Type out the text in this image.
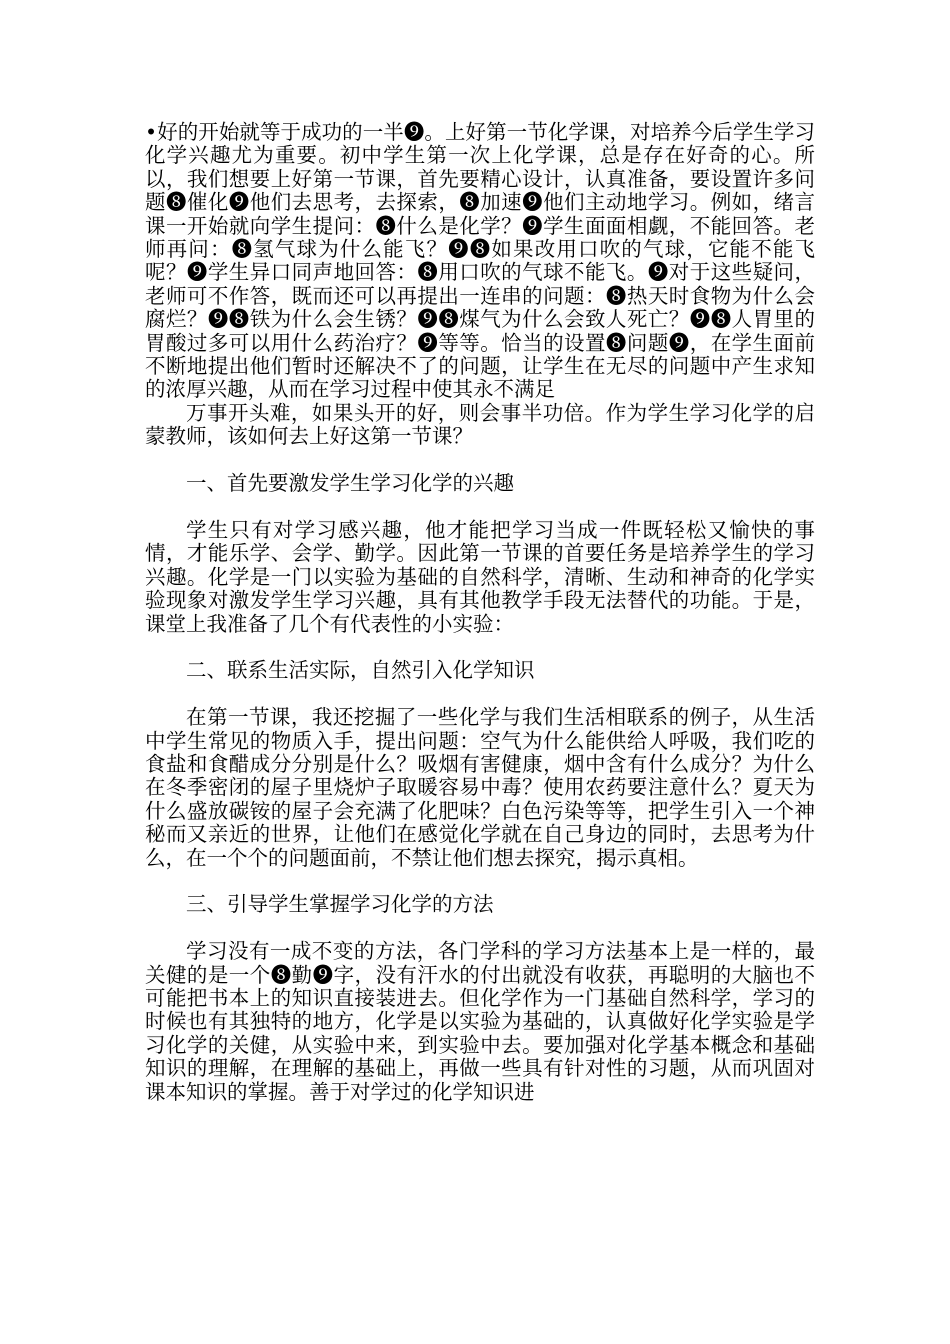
•好的开始就等于成功的一半❾。上好第一节化学课，对培养今后学生学习化学兴趣尤为重要。初中学生第一次上化学课，总是存在好奇的心。所以，我们想要上好第一节课，首先要精心设计，认真准备，要设置许多问题❽催化❾他们去思考，去探索，❽加速❾他们主动地学习。例如，绪言课一开始就向学生提问：❽什么是化学？❾学生面面相觑，不能回答。老师再问：❽氢气球为什么能飞？❾❽如果改用口吹的气球，它能不能飞呢？❾学生异口同声地回答：❽用口吹的气球不能飞。❾对于这些疑问，老师可不作答，既而还可以再提出一连串的问题：❽热天时食物为什么会腐烂？❾❽铁为什么会生锈？❾❽煤气为什么会致人死亡？❾❽人胃里的胃酸过多可以用什么药治疗？❾等等。恰当的设置❽问题❾，在学生面前不断地提出他们暂时还解决不了的问题，让学生在无尽的问题中产生求知的浓厚兴趣，从而在学习过程中使其永不满足

万事开头难，如果头开的好，则会事半功倍。作为学生学习化学的启蒙教师，该如何去上好这第一节课？

一、首先要激发学生学习化学的兴趣

学生只有对学习感兴趣，他才能把学习当成一件既轻松又愉快的事情，才能乐学、会学、勤学。因此第一节课的首要任务是培养学生的学习兴趣。化学是一门以实验为基础的自然科学，清晰、生动和神奇的化学实验现象对激发学生学习兴趣，具有其他教学手段无法替代的功能。于是，课堂上我准备了几个有代表性的小实验：

二、联系生活实际，自然引入化学知识

在第一节课，我还挖掘了一些化学与我们生活相联系的例子，从生活中学生常见的物质入手，提出问题：空气为什么能供给人呼吸，我们吃的食盐和食醋成分分别是什么？吸烟有害健康，烟中含有什么成分？为什么在冬季密闭的屋子里烧炉子取暖容易中毒？使用农药要注意什么？夏天为什么盛放碳铵的屋子会充满了化肥味？白色污染等等，把学生引入一个神秘而又亲近的世界，让他们在感觉化学就在自己身边的同时，去思考为什么，在一个个的问题面前，不禁让他们想去探究，揭示真相。

三、引导学生掌握学习化学的方法

学习没有一成不变的方法，各门学科的学习方法基本上是一样的，最关健的是一个❽勤❾字，没有汗水的付出就没有收获，再聪明的大脑也不可能把书本上的知识直接装进去。但化学作为一门基础自然科学，学习的时候也有其独特的地方，化学是以实验为基础的，认真做好化学实验是学习化学的关健，从实验中来，到实验中去。要加强对化学基本概念和基础知识的理解，在理解的基础上，再做一些具有针对性的习题，从而巩固对课本知识的掌握。善于对学过的化学知识进
